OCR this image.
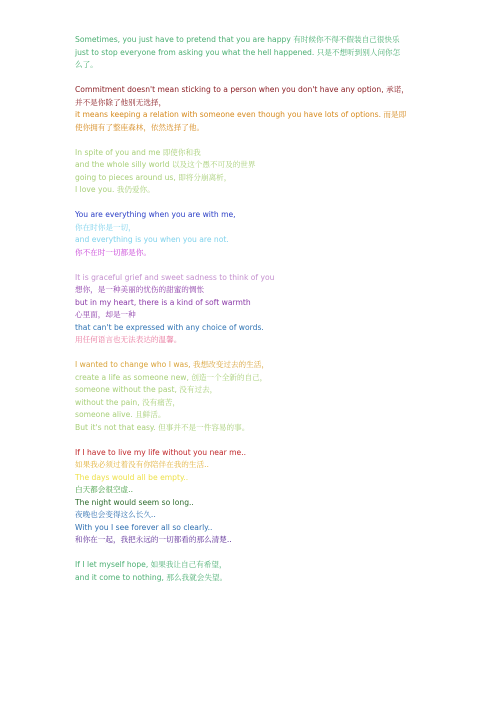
Sometimes, you just have to pretend that you are happy 有时候你不得不假装自己很快乐
just to stop everyone from asking you what the hell happened. 只是不想听到别人问你怎
么了。
Commitment doesn't mean sticking to a person when you don't have any option, 承诺，
并不是你除了他别无选择，
it means keeping a relation with someone even though you have lots of options. 而是即
使你拥有了整座森林，依然选择了他。
In spite of you and me 即使你和我
and the whole silly world 以及这个愚不可及的世界
going to pieces around us, 即将分崩离析，
I love you. 我仍爱你。
You are everything when you are with me,
你在时你是一切，
and everything is you when you are not.
你不在时一切都是你。
It is graceful grief and sweet sadness to think of you
想你，是一种美丽的忧伤的甜蜜的惆怅
but in my heart, there is a kind of soft warmth
心里面，却是一种
that can't be expressed with any choice of words.
用任何语言也无法表达的温馨。
I wanted to change who I was, 我想改变过去的生活，
create a life as someone new, 创造一个全新的自己，
someone without the past, 没有过去，
without the pain, 没有痛苦，
someone alive. 且鲜活。
But it's not that easy. 但事并不是一件容易的事。
If I have to live my life without you near me..
如果我必须过着没有你陪伴在我的生活..
The days would all be empty..
白天都会很空虚..
The night would seem so long..
夜晚也会变得这么长久..
With you I see forever all so clearly..
和你在一起，我把永远的一切都看的那么清楚..
If I let myself hope, 如果我让自己有希望，
and it come to nothing, 那么我就会失望。
